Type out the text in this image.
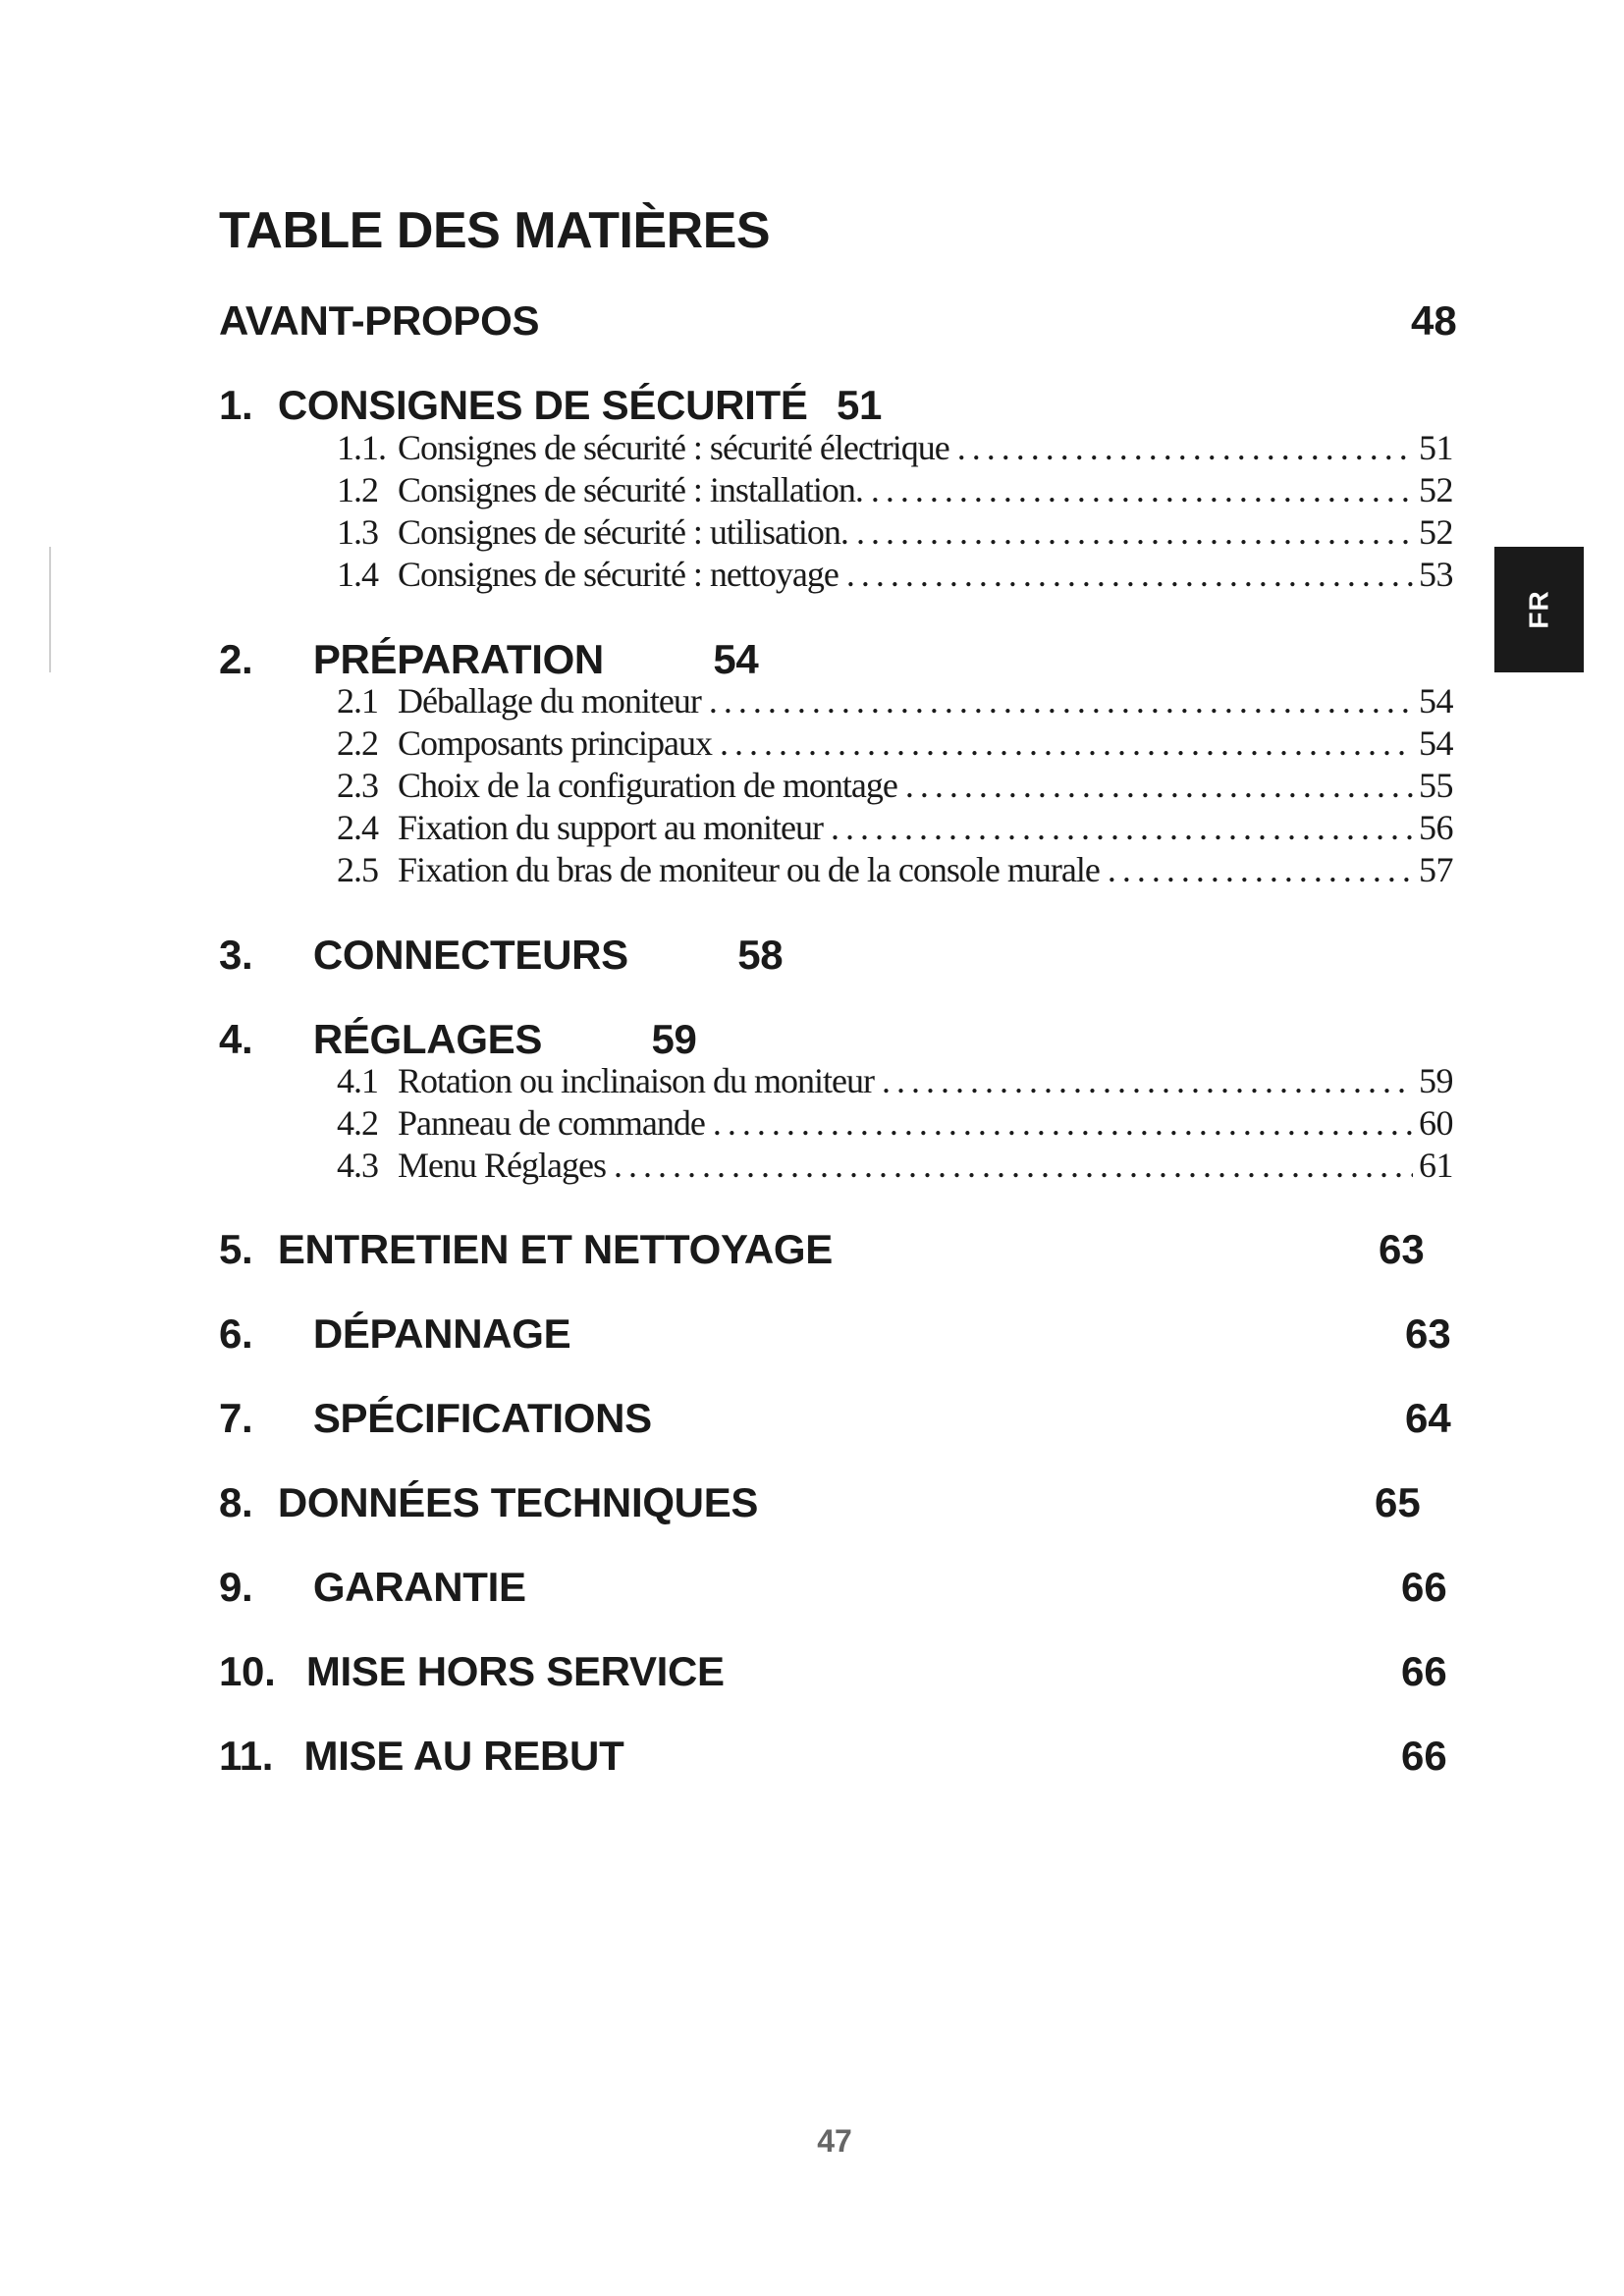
TABLE DES MATIÈRES
AVANT-PROPOS	48
1. CONSIGNES DE SÉCURITÉ 51
1.1. Consignes de sécurité : sécurité électrique .....	51
1.2 Consignes de sécurité : installation. .....	52
1.3 Consignes de sécurité : utilisation. .....	52
1.4 Consignes de sécurité : nettoyage .....	53
2. PRÉPARATION	54
2.1 Déballage du moniteur .....	54
2.2 Composants principaux .....	54
2.3 Choix de la configuration de montage .....	55
2.4 Fixation du support au moniteur .....	56
2.5 Fixation du bras de moniteur ou de la console murale .....	57
3. CONNECTEURS	58
4. RÉGLAGES	59
4.1 Rotation ou inclinaison du moniteur .....	59
4.2 Panneau de commande .....	60
4.3 Menu Réglages .....	61
5. ENTRETIEN ET NETTOYAGE	63
6. DÉPANNAGE	63
7. SPÉCIFICATIONS	64
8. DONNÉES TECHNIQUES	65
9. GARANTIE	66
10. MISE HORS SERVICE	66
11. MISE AU REBUT	66
FR
47
